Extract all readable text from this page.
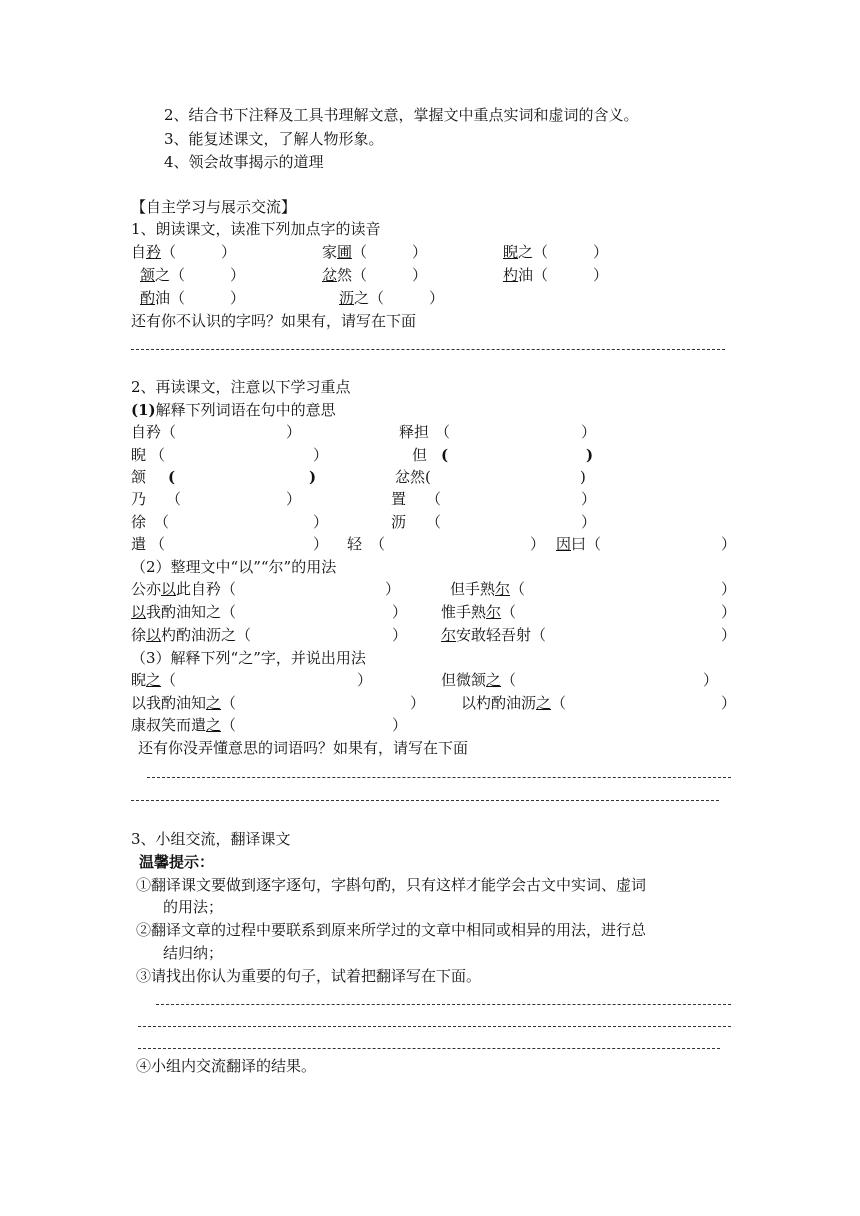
2、结合书下注释及工具书理解文意，掌握文中重点实词和虚词的含义。
3、能复述课文，了解人物形象。
4、领会故事揭示的道理
【自主学习与展示交流】
1、朗读课文，读准下列加点字的读音
自矜（　　　）	家圃（　　　）	睨之（　　　）
颔之（　　　）	忿然（　　　）	杓油（　　　）
酌油（　　　）	沥之（　　　）
还有你不认识的字吗？如果有，请写在下面
2、再读课文，注意以下学习重点
(1)解释下列词语在句中的意思
自矜（	）	释担 （	）
睨 （	）	但 (	)
颔 (	)	忿然(	)
乃 （	）	置 （	）
徐 （	）	沥 （	）
遣 （	） 轻 （	） 因曰（	）
（2）整理文中“以”“尔”的用法
公亦以此自矜（	）	但手熟尔（	）
以我酌油知之（	） 惟手熟尔（	）
徐以杓酌油沥之（	） 尔安敢轻吾射（	）
（3）解释下列“之”字，并说出用法
睨之（	）	但微颔之（	）
以我酌油知之（	） 以杓酌油沥之（	）
康叔笑而遣之（	）
还有你没弄懂意思的词语吗？如果有，请写在下面
3、小组交流，翻译课文
温馨提示：
①翻译课文要做到逐字逐句，字斟句酌，只有这样才能学会古文中实词、虚词
的用法；
②翻译文章的过程中要联系到原来所学过的文章中相同或相异的用法，进行总
结归纳；
③请找出你认为重要的句子，试着把翻译写在下面。
④小组内交流翻译的结果。
